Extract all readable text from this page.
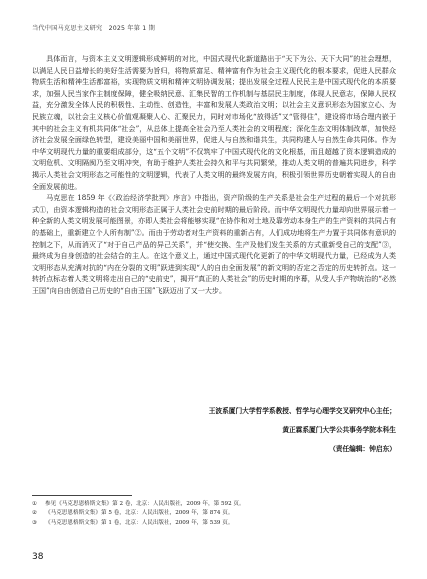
当代中国马克思主义研究　2025 年第 1 期

具体而言，与资本主义文明逻辑形成鲜明的对比，中国式现代化新道路出于“天下为公、天下大同”的社会理想，以满足人民日益增长的美好生活需要为旨归，将物质富足、精神富有作为社会主义现代化的根本要求，促进人民群众物质生活和精神生活都富裕，实现物质文明和精神文明协调发展；提出发展全过程人民民主是中国式现代化的本质要求，加强人民当家作主制度保障，健全吸纳民意、汇集民智的工作机制与基层民主制度，体现人民意志，保障人民权益，充分激发全体人民的积极性、主动性、创造性，丰富和发展人类政治文明；以社会主义意识形态为国家立心、为民族立魂，以社会主义核心价值观凝聚人心、汇聚民力，同时对市场化“放得活”又“管得住”，建设将市场合理内嵌于其中的社会主义有机共同体“社会”，从总体上提高全社会乃至人类社会的文明程度；深化生态文明体制改革，加快经济社会发展全面绿色转型，建设美丽中国和美丽世界，促进人与自然和谐共生，共同构建人与自然生命共同体。作为中华文明现代力量的重要组成部分，这“五个文明”不仅筑牢了中国式现代化的文化根基，而且超越了资本逻辑造成的文明危机、文明隔阂乃至文明冲突，有助于维护人类社会持久和平与共同繁荣，推动人类文明的普遍共同进步，科学揭示人类社会文明形态之可能性的文明逻辑，代表了人类文明的最终发展方向，积极引领世界历史朝着实现人的自由全面发展前进。

马克思在 1859 年《〈政治经济学批判〉序言》中指出，资产阶级的生产关系是社会生产过程的最后一个对抗形式①，由资本逻辑构造的社会文明形态正属于人类社会史前时期的最后阶段。而中华文明现代力量却向世界展示着一种全新的人类文明发展可能图景，亦即人类社会将能够实现“在协作和对土地及靠劳动本身生产的生产资料的共同占有的基础上，重新建立个人所有制”②。而由于劳动者对生产资料的重新占有，人们成功地将生产力置于共同体有意识的控制之下，从而消灭了“对于自己产品的异己关系”，并“使交换、生产及他们发生关系的方式重新受自己的支配”③，最终成为自身创造的社会结合的主人。在这个意义上，通过中国式现代化更新了的中华文明现代力量，已经成为人类文明形态从充满对抗的“内在分裂的文明”跃进到实现“人的自由全面发展”的新文明的否定之否定的历史转折点。这一转折点标志着人类文明将走出自己的“史前史”，揭开“真正的人类社会”的历史时期的序幕，从受人手产物统治的“必然王国”向自由创造自己历史的“自由王国”飞跃迈出了又一大步。

王波系厦门大学哲学系教授、哲学与心理学交叉研究中心主任；
黄正霖系厦门大学公共事务学院本科生
（责任编辑：钟启东）
① 参见《马克思恩格斯文集》第 2 卷，北京：人民出版社，2009 年，第 592 页。
② 《马克思恩格斯文集》第 5 卷，北京：人民出版社，2009 年，第 874 页。
③ 《马克思恩格斯文集》第 1 卷，北京：人民出版社，2009 年，第 539 页。
38
